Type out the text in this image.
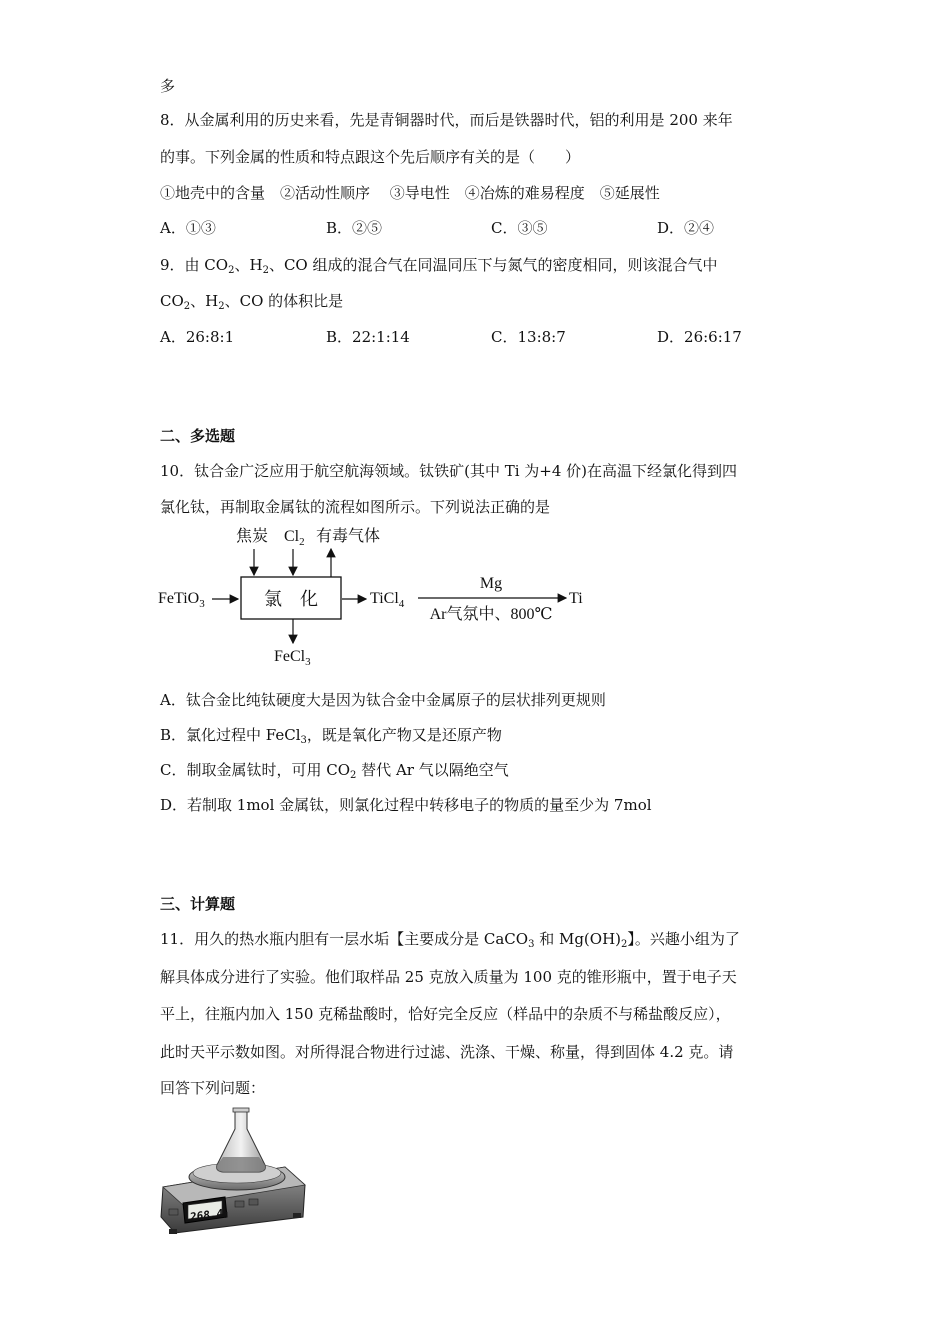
多
8．从金属利用的历史来看，先是青铜器时代，而后是铁器时代，铝的利用是 200 来年
的事。下列金属的性质和特点跟这个先后顺序有关的是（　　）
①地壳中的含量　②活动性顺序　 ③导电性　④冶炼的难易程度　⑤延展性
A．①③	B．②⑤	C．③⑤	D．②④
9．由 $CO_2$、$H_2$、CO 组成的混合气在同温同压下与氮气的密度相同，则该混合气中
$CO_2$、$H_2$、CO 的体积比是
A．26:8:1	B．22:1:14	C．13:8:7	D．26:6:17
二、多选题
10．钛合金广泛应用于航空航海领域。钛铁矿(其中 Ti 为+4 价)在高温下经氯化得到四
氯化钛，再制取金属钛的流程如图所示。下列说法正确的是
焦炭 $Cl_2$ 有毒气体
FeTiO$_3$	氯　化	TiCl$_4$
Mg
Ar气氛中、800℃
Ti
FeCl$_3$
A．钛合金比纯钛硬度大是因为钛合金中金属原子的层状排列更规则
B．氯化过程中 FeCl$_3$，既是氧化产物又是还原产物
C．制取金属钛时，可用 $CO_2$ 替代 Ar 气以隔绝空气
D．若制取 1mol 金属钛，则氯化过程中转移电子的物质的量至少为 7mol
三、计算题
11．用久的热水瓶内胆有一层水垢【主要成分是 CaCO$_3$ 和 $Mg(OH)_2$】。兴趣小组为了
解具体成分进行了实验。他们取样品 25 克放入质量为 100 克的锥形瓶中，置于电子天
平上，往瓶内加入 150 克稀盐酸时，恰好完全反应（样品中的杂质不与稀盐酸反应），
此时天平示数如图。对所得混合物进行过滤、洗涤、干燥、称量，得到固体 4.2 克。请
回答下列问题：
268.4g
